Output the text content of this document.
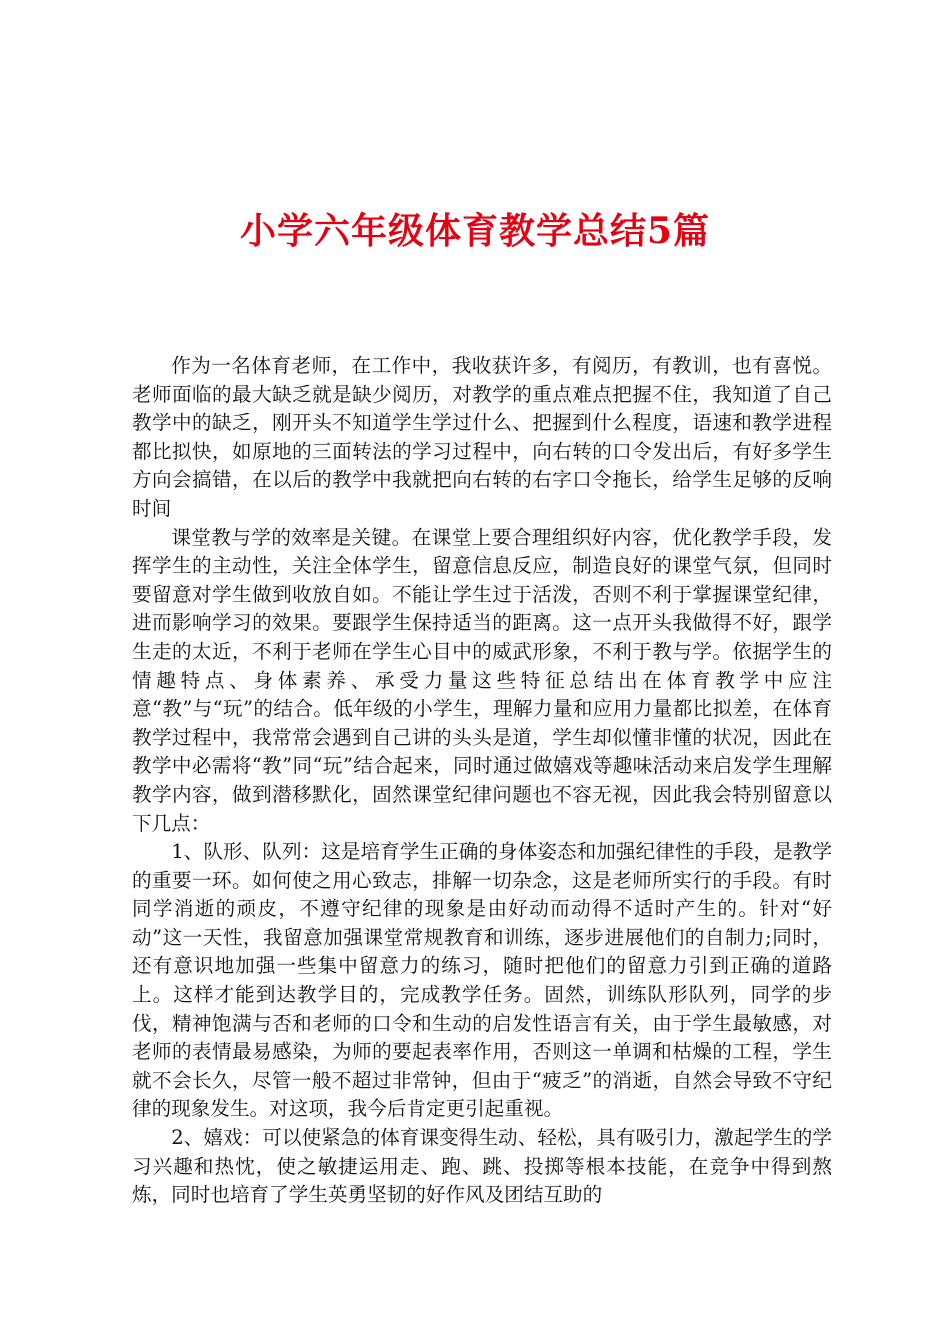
小学六年级体育教学总结5篇

作为一名体育老师，在工作中，我收获许多，有阅历，有教训，也有喜悦。老师面临的最大缺乏就是缺少阅历，对教学的重点难点把握不住，我知道了自己教学中的缺乏，刚开头不知道学生学过什么、把握到什么程度，语速和教学进程都比拟快，如原地的三面转法的学习过程中，向右转的口令发出后，有好多学生方向会搞错，在以后的教学中我就把向右转的右字口令拖长，给学生足够的反响时间

课堂教与学的效率是关键。在课堂上要合理组织好内容，优化教学手段，发挥学生的主动性，关注全体学生，留意信息反应，制造良好的课堂气氛，但同时要留意对学生做到收放自如。不能让学生过于活泼，否则不利于掌握课堂纪律，进而影响学习的效果。要跟学生保持适当的距离。这一点开头我做得不好，跟学生走的太近，不利于老师在学生心目中的威武形象，不利于教与学。依据学生的情趣特点、身体素养、承受力量这些特征总结出在体育教学中应注意“教”与“玩”的结合。低年级的小学生，理解力量和应用力量都比拟差，在体育教学过程中，我常常会遇到自己讲的头头是道，学生却似懂非懂的状况，因此在教学中必需将“教”同“玩”结合起来，同时通过做嬉戏等趣味活动来启发学生理解教学内容，做到潜移默化，固然课堂纪律问题也不容无视，因此我会特别留意以下几点：

1、队形、队列：这是培育学生正确的身体姿态和加强纪律性的手段，是教学的重要一环。如何使之用心致志，排解一切杂念，这是老师所实行的手段。有时同学消逝的顽皮，不遵守纪律的现象是由好动而动得不适时产生的。针对“好动”这一天性，我留意加强课堂常规教育和训练，逐步进展他们的自制力;同时，还有意识地加强一些集中留意力的练习，随时把他们的留意力引到正确的道路上。这样才能到达教学目的，完成教学任务。固然，训练队形队列，同学的步伐，精神饱满与否和老师的口令和生动的启发性语言有关，由于学生最敏感，对老师的表情最易感染，为师的要起表率作用，否则这一单调和枯燥的工程，学生就不会长久，尽管一般不超过非常钟，但由于“疲乏”的消逝，自然会导致不守纪律的现象发生。对这项，我今后肯定更引起重视。

2、嬉戏：可以使紧急的体育课变得生动、轻松，具有吸引力，激起学生的学习兴趣和热忱，使之敏捷运用走、跑、跳、投掷等根本技能，在竞争中得到熬炼，同时也培育了学生英勇坚韧的好作风及团结互助的
